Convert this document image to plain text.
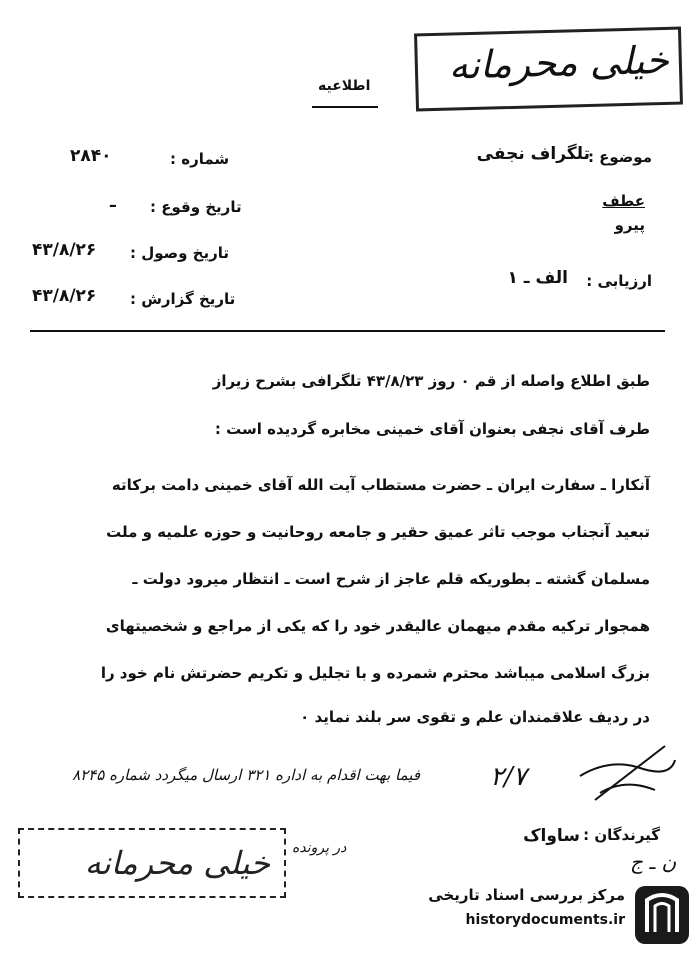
خیلی محرمانه
اطلاعیه
موضوع :
تلگراف نجفی
عطف
پیرو
ارزیابی :
الف ـ ۱
شماره :
۲۸۴۰
تاریخ وقوع :
ـ
تاریخ وصول :
۴۳/۸/۲۶
تاریخ گزارش :
۴۳/۸/۲۶
طبق اطلاع واصله از قم ۰ روز ۴۳/۸/۲۳ تلگرافی بشرح زیراز
طرف آقای نجفی بعنوان آقای خمینی مخابره گردیده است :
آنکارا ـ سفارت ایران ـ حضرت مستطاب آیت الله آقای خمینی دامت برکاته
تبعید آنجناب موجب تاثر عمیق حقیر و جامعه روحانیت و حوزه علمیه و ملت
مسلمان گشته ـ بطوریکه قلم عاجز از شرح است ـ انتظار میرود دولت ـ
همجوار ترکیه مقدم میهمان عالیقدر خود را که یکی از مراجع و شخصیتهای
بزرگ اسلامی میباشد محترم شمرده و با تجلیل و تکریم حضرتش نام خود را
در ردیف علاقمندان علم و تقوی سر بلند نماید ۰
فیما بهت اقدام به اداره ۳۲۱ ارسال میگردد شماره ۸۲۴۵	۲/۷
گیرندگان :
ساواک
ن ـ ج
خیلی محرمانه در پرونده
مرکز بررسی اسناد تاریخی
historydocuments.ir
